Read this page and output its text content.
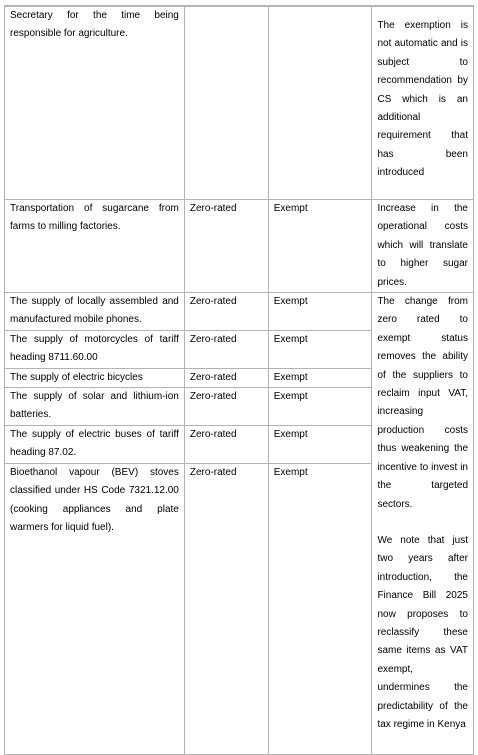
Secretary for the time being responsible for agriculture.			The exemption is not automatic and is subject to recommendation by CS which is an additional requirement that has been introduced
Transportation of sugarcane from farms to milling factories.	Zero-rated	Exempt	Increase in the operational costs which will translate to higher sugar prices.
The supply of locally assembled and manufactured mobile phones.	Zero-rated	Exempt	The change from zero rated to exempt status removes the ability of the suppliers to reclaim input VAT, increasing production costs thus weakening the incentive to invest in the targeted sectors.
We note that just two years after introduction, the Finance Bill 2025 now proposes to reclassify these same items as VAT exempt, undermines the predictability of the tax regime in Kenya

The supply of motorcycles of tariff heading 8711.60.00	Zero-rated	Exempt	
The supply of electric bicycles	Zero-rated	Exempt	
The supply of solar and lithium-ion batteries.	Zero-rated	Exempt	
The supply of electric buses of tariff heading 87.02.	Zero-rated	Exempt	
Bioethanol vapour (BEV) stoves classified under HS Code 7321.12.00 (cooking appliances and plate warmers for liquid fuel).	Zero-rated	Exempt	
